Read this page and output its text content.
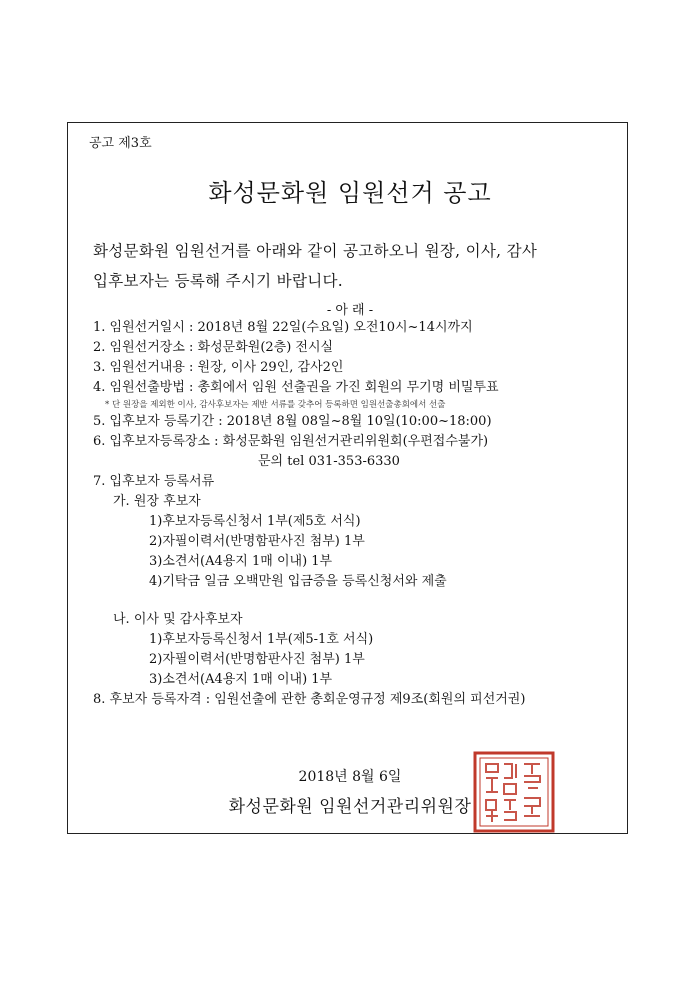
공고 제3호
화성문화원 임원선거 공고
화성문화원 임원선거를 아래와 같이 공고하오니 원장, 이사, 감사
입후보자는 등록해 주시기 바랍니다.
- 아 래 -
1. 임원선거일시 : 2018년 8월 22일(수요일) 오전10시~14시까지
2. 임원선거장소 : 화성문화원(2층) 전시실
3. 임원선거내용 : 원장, 이사 29인, 감사2인
4. 임원선출방법 : 총회에서 임원 선출권을 가진 회원의 무기명 비밀투표
* 단 원장을 제외한 이사, 감사후보자는 제반 서류를 갖추어 등록하면 임원선출총회에서 선출
5. 입후보자 등록기간 : 2018년 8월 08일~8월 10일(10:00~18:00)
6. 입후보자등록장소 : 화성문화원 임원선거관리위원회(우편접수불가)
문의 tel 031-353-6330
7. 입후보자 등록서류
가. 원장 후보자
1)후보자등록신청서 1부(제5호 서식)
2)자필이력서(반명함판사진 첨부) 1부
3)소견서(A4용지 1매 이내) 1부
4)기탁금 일금 오백만원 입금증을 등록신청서와 제출
나. 이사 및 감사후보자
1)후보자등록신청서 1부(제5-1호 서식)
2)자필이력서(반명함판사진 첨부) 1부
3)소견서(A4용지 1매 이내) 1부
8. 후보자 등록자격 : 임원선출에 관한 총회운영규정 제9조(회원의 피선거권)
2018년 8월 6일
화성문화원 임원선거관리위원장
